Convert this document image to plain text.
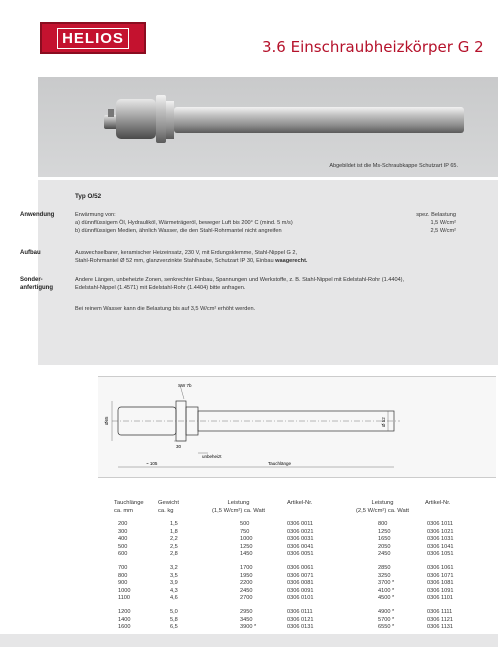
HELIOS	3.6 Einschraubheizkörper G 2
Abgebildet ist die Ms-Schraubkappe Schutzart IP 65.
Typ O/52
Anwendung	Erwärmung von:
a) dünnflüssigem Öl, Hydrauliköl, Wärmeträgeröl, beweger Luft bis 200° C (mind. 5 m/s)
b) dünnflüssigen Medien, ähnlich Wasser, die den Stahl-Rohrmantel nicht angreifen
spez. Belastung
1,5 W/cm²
2,5 W/cm²
Aufbau	Auswechselbarer, keramischer Heizeinsatz, 230 V, mit Erdungsklemme, Stahl-Nippel G 2,
Stahl-Rohrmantel Ø 52 mm, glanzverzinkte Stahlhaube, Schutzart IP 30, Einbau waagerecht.
Sonder-
anfertigung
Andere Längen, unbeheizte Zonen, senkrechter Einbau, Spannungen und Werkstoffe, z. B. Stahl-Nippel mit Edelstahl-Rohr (1.4404), Edelstahl-Nippel (1.4571) mit Edelstahl-Rohr (1.4404) bitte anfragen.
Bei reinem Wasser kann die Belastung bis auf 3,5 W/cm² erhöht werden.
SW 7b
Ø65	Ø 52
30
unbeheizt
~ 105	Tauchlänge
Tauchlänge
ca. mm
Gewicht
ca. kg
Leistung
(1,5 W/cm²) ca. Watt
Artikel-Nr.	Leistung
(2,5 W/cm²) ca. Watt
Artikel-Nr.
200	1,5	500	0306 0011	800	0306 1011
300	1,8	750	0306 0021	1250	0306 1021
400	2,2	1000	0306 0031	1650	0306 1031
500	2,5	1250	0306 0041	2050	0306 1041
600	2,8	1450	0306 0051	2450	0306 1051
700	3,2	1700	0306 0061	2850	0306 1061
800	3,5	1950	0306 0071	3250	0306 1071
900	3,9	2200	0306 0081	3700 *	0306 1081
1000	4,3	2450	0306 0091	4100 *	0306 1091
1100	4,6	2700	0306 0101	4500 *	0306 1101
1200	5,0	2950	0306 0111	4900 *	0306 1111
1400	5,8	3450	0306 0121	5700 *	0306 1121
1600	6,5	3900 *	0306 0131	6550 *	0306 1131
